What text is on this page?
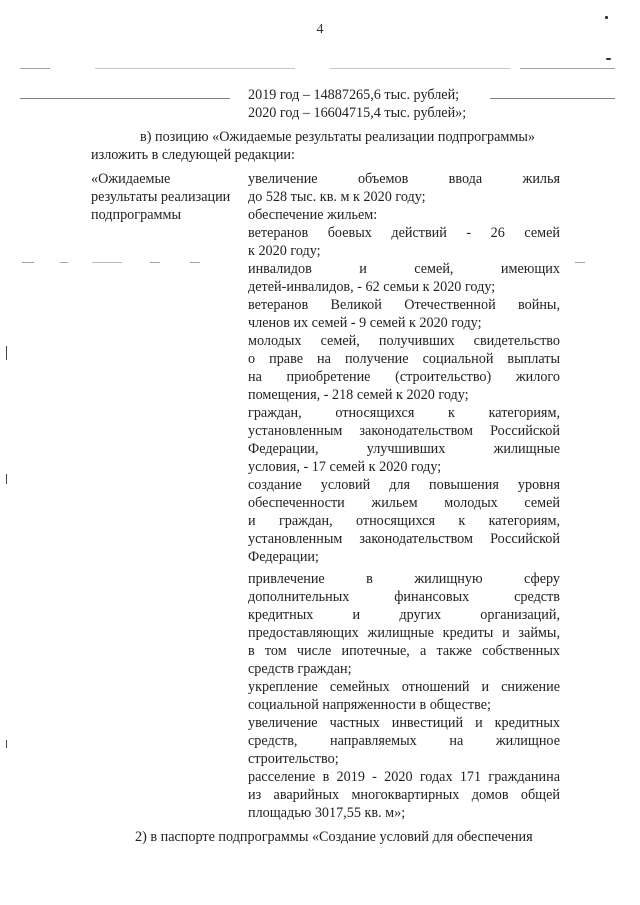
4
2019 год – 14887265,6 тыс. рублей;
2020 год – 16604715,4 тыс. рублей»;
в) позицию «Ожидаемые результаты реализации подпрограммы»
изложить в следующей редакции:
«Ожидаемые
результаты реализации
подпрограммы
увеличение объемов ввода жилья
до 528 тыс. кв. м к 2020 году;
обеспечение жильем:
ветеранов боевых действий - 26 семей
к 2020 году;
инвалидов и семей, имеющих
детей-инвалидов, - 62 семьи к 2020 году;
ветеранов Великой Отечественной войны,
членов их семей - 9 семей к 2020 году;
молодых семей, получивших свидетельство
о праве на получение социальной выплаты
на приобретение (строительство) жилого
помещения, - 218 семей к 2020 году;
граждан, относящихся к категориям,
установленным законодательством Российской
Федерации, улучшивших жилищные
условия, - 17 семей к 2020 году;
создание условий для повышения уровня
обеспеченности жильем молодых семей
и граждан, относящихся к категориям,
установленным законодательством Российской
Федерации;
привлечение в жилищную сферу
дополнительных финансовых средств
кредитных и других организаций,
предоставляющих жилищные кредиты и займы,
в том числе ипотечные, а также собственных
средств граждан;
укрепление семейных отношений и снижение
социальной напряженности в обществе;
увеличение частных инвестиций и кредитных
средств, направляемых на жилищное
строительство;
расселение в 2019 - 2020 годах 171 гражданина
из аварийных многоквартирных домов общей
площадью 3017,55 кв. м»;
2) в паспорте подпрограммы «Создание условий для обеспечения
